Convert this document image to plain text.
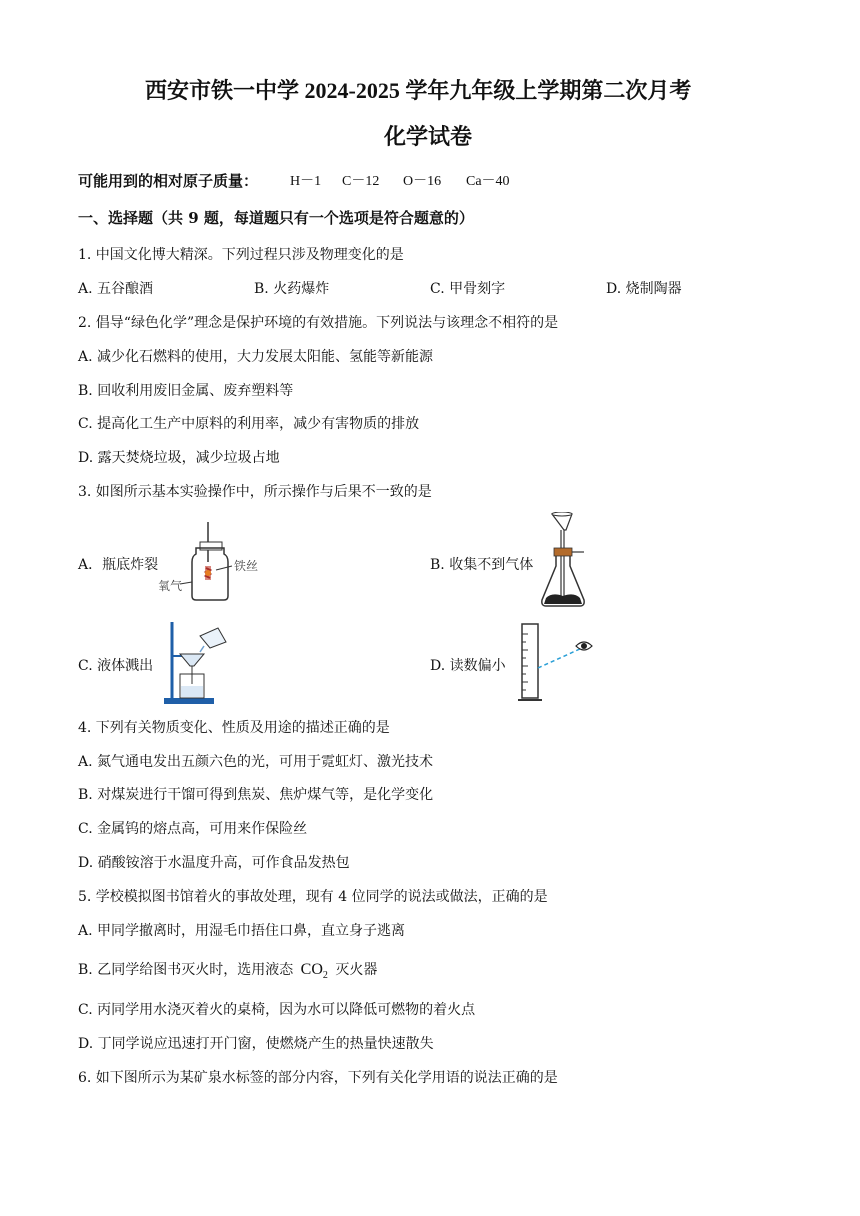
西安市铁一中学 2024-2025 学年九年级上学期第二次月考
化学试卷
可能用到的相对原子质量： H－1 C－12 O－16 Ca－40
一、选择题（共 9 题，每道题只有一个选项是符合题意的）
1. 中国文化博大精深。下列过程只涉及物理变化的是
A. 五谷酿酒	B. 火药爆炸	C. 甲骨刻字	D. 烧制陶器
2. 倡导“绿色化学”理念是保护环境的有效措施。下列说法与该理念不相符的是
A. 减少化石燃料的使用，大力发展太阳能、氢能等新能源
B. 回收利用废旧金属、废弃塑料等
C. 提高化工生产中原料的利用率，减少有害物质的排放
D. 露天焚烧垃圾，减少垃圾占地
3. 如图所示基本实验操作中，所示操作与后果不一致的是
A．瓶底炸裂	铁丝
氧气
B. 收集不到气体
C. 液体溅出	D. 读数偏小
4. 下列有关物质变化、性质及用途的描述正确的是
A. 氮气通电发出五颜六色的光，可用于霓虹灯、激光技术
B. 对煤炭进行干馏可得到焦炭、焦炉煤气等，是化学变化
C. 金属钨的熔点高，可用来作保险丝
D. 硝酸铵溶于水温度升高，可作食品发热包
5. 学校模拟图书馆着火的事故处理，现有 4 位同学的说法或做法，正确的是
A. 甲同学撤离时，用湿毛巾捂住口鼻，直立身子逃离
B. 乙同学给图书灭火时，选用液态 $CO_2$ 灭火器
C. 丙同学用水浇灭着火的桌椅，因为水可以降低可燃物的着火点
D. 丁同学说应迅速打开门窗，使燃烧产生的热量快速散失
6. 如下图所示为某矿泉水标签的部分内容，下列有关化学用语的说法正确的是
